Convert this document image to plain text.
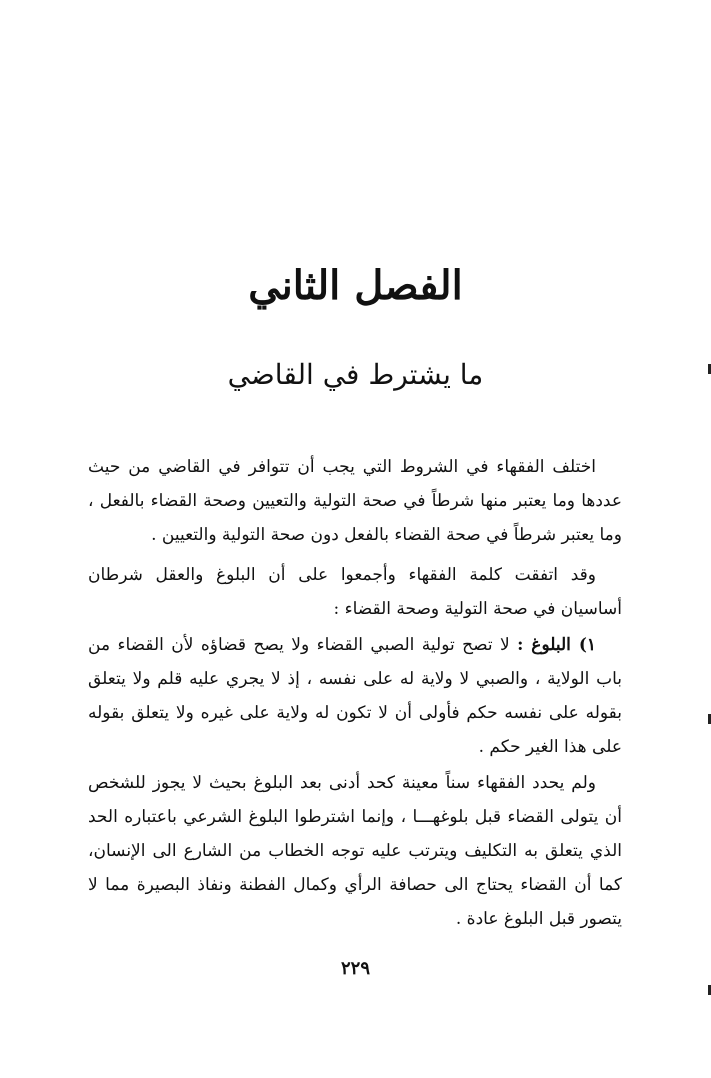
الفصل الثاني
ما يشترط في القاضي
اختلف الفقهاء في الشروط التي يجب أن تتوافر في القاضي من حيث عددها وما يعتبر منها شرطاً في صحة التولية والتعيين وصحة القضاء بالفعل ، وما يعتبر شرطاً في صحة القضاء بالفعل دون صحة التولية والتعيين .
وقد اتفقت كلمة الفقهاء وأجمعوا على أن البلوغ والعقل شرطان أساسيان في صحة التولية وصحة القضاء :
١) البلوغ : لا تصح تولية الصبي القضاء ولا يصح قضاؤه لأن القضاء من باب الولاية ، والصبي لا ولاية له على نفسه ، إذ لا يجري عليه قلم ولا يتعلق بقوله على نفسه حكم فأولى أن لا تكون له ولاية على غيره ولا يتعلق بقوله على هذا الغير حكم .
ولم يحدد الفقهاء سناً معينة كحد أدنى بعد البلوغ بحيث لا يجوز للشخص أن يتولى القضاء قبل بلوغهـــا ، وإنما اشترطوا البلوغ الشرعي باعتباره الحد الذي يتعلق به التكليف ويترتب عليه توجه الخطاب من الشارع الى الإنسان، كما أن القضاء يحتاج الى حصافة الرأي وكمال الفطنة ونفاذ البصيرة مما لا يتصور قبل البلوغ عادة .
٢٢٩
